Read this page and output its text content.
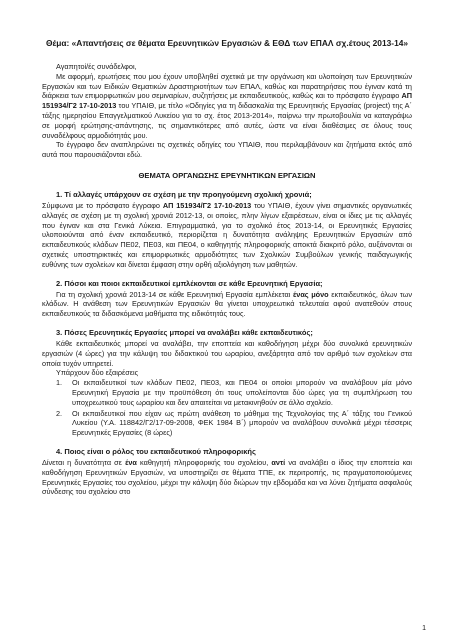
Θέμα: «Απαντήσεις σε θέματα Ερευνητικών Εργασιών & ΕΘΔ των ΕΠΑΛ σχ.έτους 2013-14»

Αγαπητοί/ές συνάδελφοι,

Με αφορμή, ερωτήσεις που μου έχουν υποβληθεί σχετικά με την οργάνωση και υλοποίηση των Ερευνητικών Εργασιών και των Ειδικών Θεματικών Δραστηριοτήτων των ΕΠΑΛ, καθώς και παρατηρήσεις που έγιναν κατά τη διάρκεια των επιμορφωτικών μου σεμιναρίων, συζητήσεις με εκπαιδευτικούς, καθώς και το πρόσφατο έγγραφο ΑΠ 151934/Γ2 17-10-2013 του ΥΠΑΙΘ, με τίτλο «Οδηγίες για τη διδασκαλία της Ερευνητικής Εργασίας (project) της Α΄ τάξης ημερησίου Επαγγελματικού Λυκείου για το σχ. έτος 2013-2014», παίρνω την πρωτοβουλία να καταγράψω σε μορφή ερώτησης-απάντησης, τις σημαντικότερες από αυτές, ώστε να είναι διαθέσιμες σε όλους τους συναδέλφους αρμοδιότητάς μου.

Το έγγραφο δεν αναπληρώνει τις σχετικές οδηγίες του ΥΠΑΙΘ, που περιλαμβάνουν και ζητήματα εκτός από αυτά που παρουσιάζονται εδώ.

ΘΕΜΑΤΑ ΟΡΓΑΝΩΣΗΣ ΕΡΕΥΝΗΤΙΚΩΝ ΕΡΓΑΣΙΩΝ
1. Τί αλλαγές υπάρχουν σε σχέση με την προηγούμενη σχολική χρονιά;

Σύμφωνα με το πρόσφατο έγγραφο ΑΠ 151934/Γ2 17-10-2013 του ΥΠΑΙΘ, έχουν γίνει σημαντικές οργανωτικές αλλαγές σε σχέση με τη σχολική χρονιά 2012-13, οι οποίες, πλην λίγων εξαιρέσεων, είναι οι ίδιες με τις αλλαγές που έγιναν και στα Γενικά Λύκεια. Επιγραμματικά, για το σχολικό έτος 2013-14, οι Ερευνητικές Εργασίες υλοποιούνται από έναν εκπαιδευτικό, περιορίζεται η δυνατότητα ανάληψης Ερευνητικών Εργασιών από εκπαιδευτικούς κλάδων ΠΕ02, ΠΕ03, και ΠΕ04, ο καθηγητής πληροφορικής αποκτά διακριτό ρόλο, αυξάνονται οι σχετικές υποστηρικτικές και επιμορφωτικές αρμοδιότητες των Σχολικών Συμβούλων γενικής παιδαγωγικής ευθύνης των σχολείων και δίνεται έμφαση στην ορθή αξιολόγηση των μαθητών.

2. Πόσοι και ποιοι εκπαιδευτικοί εμπλέκονται σε κάθε Ερευνητική Εργασία;

Για τη σχολική χρονιά 2013-14 σε κάθε Ερευνητική Εργασία εμπλέκεται ένας μόνο εκπαιδευτικός, όλων των κλάδων. Η ανάθεση των Ερευνητικών Εργασιών θα γίνεται υποχρεωτικά τελευταία αφού ανατεθούν στους εκπαιδευτικούς τα διδασκόμενα μαθήματα της ειδικότητάς τους.

3. Πόσες Ερευνητικές Εργασίες μπορεί να αναλάβει κάθε εκπαιδευτικός;

Κάθε εκπαιδευτικός μπορεί να αναλάβει, την εποπτεία και καθοδήγηση μέχρι δύο συνολικά ερευνητικών εργασιών (4 ώρες) για την κάλυψη του διδακτικού του ωραρίου, ανεξάρτητα από τον αριθμό των σχολείων στα οποία τυχόν υπηρετεί.

Υπάρχουν δύο εξαιρέσεις

1. Οι εκπαιδευτικοί των κλάδων ΠΕ02, ΠΕ03, και ΠΕ04 οι οποίοι μπορούν να αναλάβουν μία μόνο Ερευνητική Εργασία με την προϋπόθεση ότι τους υπολείπονται δύο ώρες για τη συμπλήρωση του υποχρεωτικού τους ωραρίου και δεν απαιτείται να μετακινηθούν σε άλλο σχολείο.
2. Οι εκπαιδευτικοί που είχαν ως πρώτη ανάθεση το μάθημα της Τεχνολογίας της Α΄ τάξης του Γενικού Λυκείου (Υ.Α. 118842/Γ2/17-09-2008, ΦΕΚ 1984 Β΄) μπορούν να αναλάβουν συνολικά μέχρι τέσσερις Ερευνητικές Εργασίες (8 ώρες)
4. Ποιος είναι ο ρόλος του εκπαιδευτικού πληροφορικής

Δίνεται η δυνατότητα σε ένα καθηγητή πληροφορικής του σχολείου, αντί να αναλάβει ο ίδιος την εποπτεία και καθοδήγηση Ερευνητικών Εργασιών, να υποστηρίζει σε θέματα ΤΠΕ, εκ περιτροπής, τις πραγματοποιούμενες Ερευνητικές Εργασίες του σχολείου, μέχρι την κάλυψη δύο διώρων την εβδομάδα και να λύνει ζητήματα ασφαλούς σύνδεσης του σχολείου στο

1
